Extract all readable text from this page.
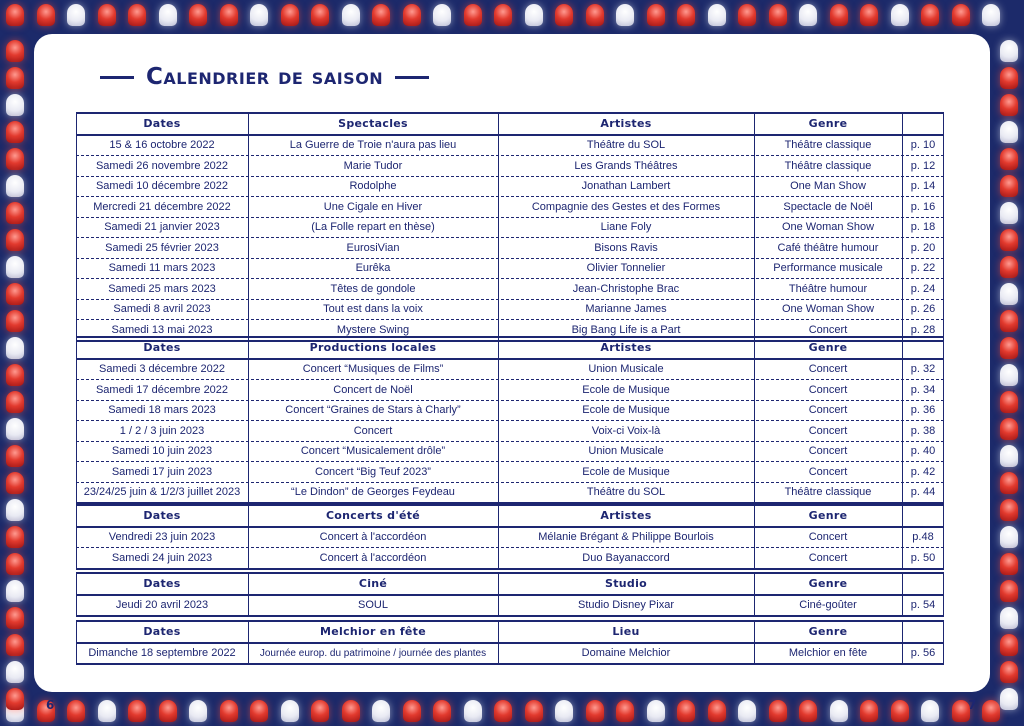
Calendrier de saison
Dates	Spectacles	Artistes	Genre
15 & 16 octobre 2022	La Guerre de Troie n'aura pas lieu	Théâtre du SOL	Théâtre classique	p. 10
Samedi 26 novembre 2022	Marie Tudor	Les Grands Théâtres	Théâtre classique	p. 12
Samedi 10 décembre 2022	Rodolphe	Jonathan Lambert	One Man Show	p. 14
Mercredi 21 décembre 2022	Une Cigale en Hiver	Compagnie des Gestes et des Formes	Spectacle de Noël	p. 16
Samedi 21 janvier 2023	(La Folle repart en thèse)	Liane Foly	One Woman Show	p. 18
Samedi 25 février 2023	EurosiVian	Bisons Ravis	Café théâtre humour	p. 20
Samedi 11 mars 2023	Eurêka	Olivier Tonnelier	Performance musicale	p. 22
Samedi 25 mars 2023	Têtes de gondole	Jean-Christophe Brac	Théâtre humour	p. 24
Samedi 8 avril 2023	Tout est dans la voix	Marianne James	One Woman Show	p. 26
Samedi 13 mai 2023	Mystere Swing	Big Bang Life is a Part	Concert	p. 28
Dates	Productions locales	Artistes	Genre
Samedi 3 décembre 2022	Concert “Musiques de Films”	Union Musicale	Concert	p. 32
Samedi 17 décembre 2022	Concert de Noël	Ecole de Musique	Concert	p. 34
Samedi 18 mars 2023	Concert “Graines de Stars à Charly”	Ecole de Musique	Concert	p. 36
1 / 2 / 3 juin 2023	Concert	Voix-ci Voix-là	Concert	p. 38
Samedi 10 juin 2023	Concert “Musicalement drôle”	Union Musicale	Concert	p. 40
Samedi 17 juin 2023	Concert “Big Teuf 2023”	Ecole de Musique	Concert	p. 42
23/24/25 juin & 1/2/3 juillet 2023	“Le Dindon” de Georges Feydeau	Théâtre du SOL	Théâtre classique	p. 44
Dates	Concerts d'été	Artistes	Genre
Vendredi 23 juin 2023	Concert à l'accordéon	Mélanie Brégant & Philippe Bourlois	Concert	p.48
Samedi 24 juin 2023	Concert à l'accordéon	Duo Bayanaccord	Concert	p. 50
Dates	Ciné	Studio	Genre
Jeudi 20 avril 2023	SOUL	Studio Disney Pixar	Ciné-goûter	p. 54
Dates	Melchior en fête	Lieu	Genre
Dimanche 18 septembre 2022	Journée europ. du patrimoine / journée des plantes	Domaine Melchior	Melchior en fête	p. 56
6	7
